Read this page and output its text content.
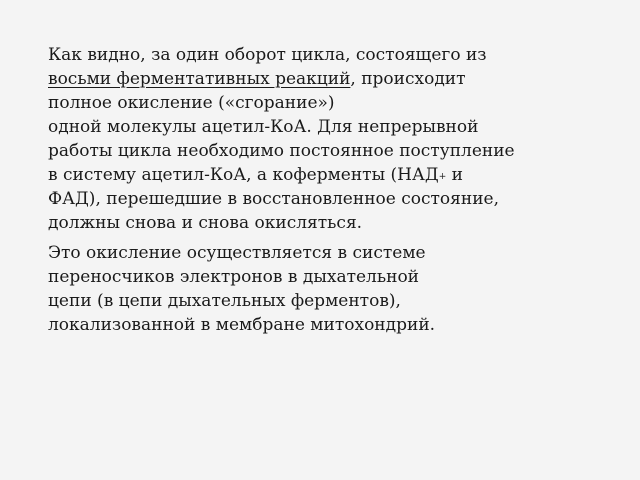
Как видно, за один оборот цикла, состоящего из
восьми ферментативных реакций, происходит
полное окисление («сгорание»)
одной молекулы ацетил-КоА. Для непрерывной
работы цикла необходимо постоянное поступление
в систему ацетил-КоА, а коферменты (НАД+ и
ФАД), перешедшие в восстановленное состояние,
должны снова и снова окисляться.
Это окисление осуществляется в системе
переносчиков электронов в дыхательной
цепи (в цепи дыхательных ферментов),
локализованной в мембране митохондрий.
